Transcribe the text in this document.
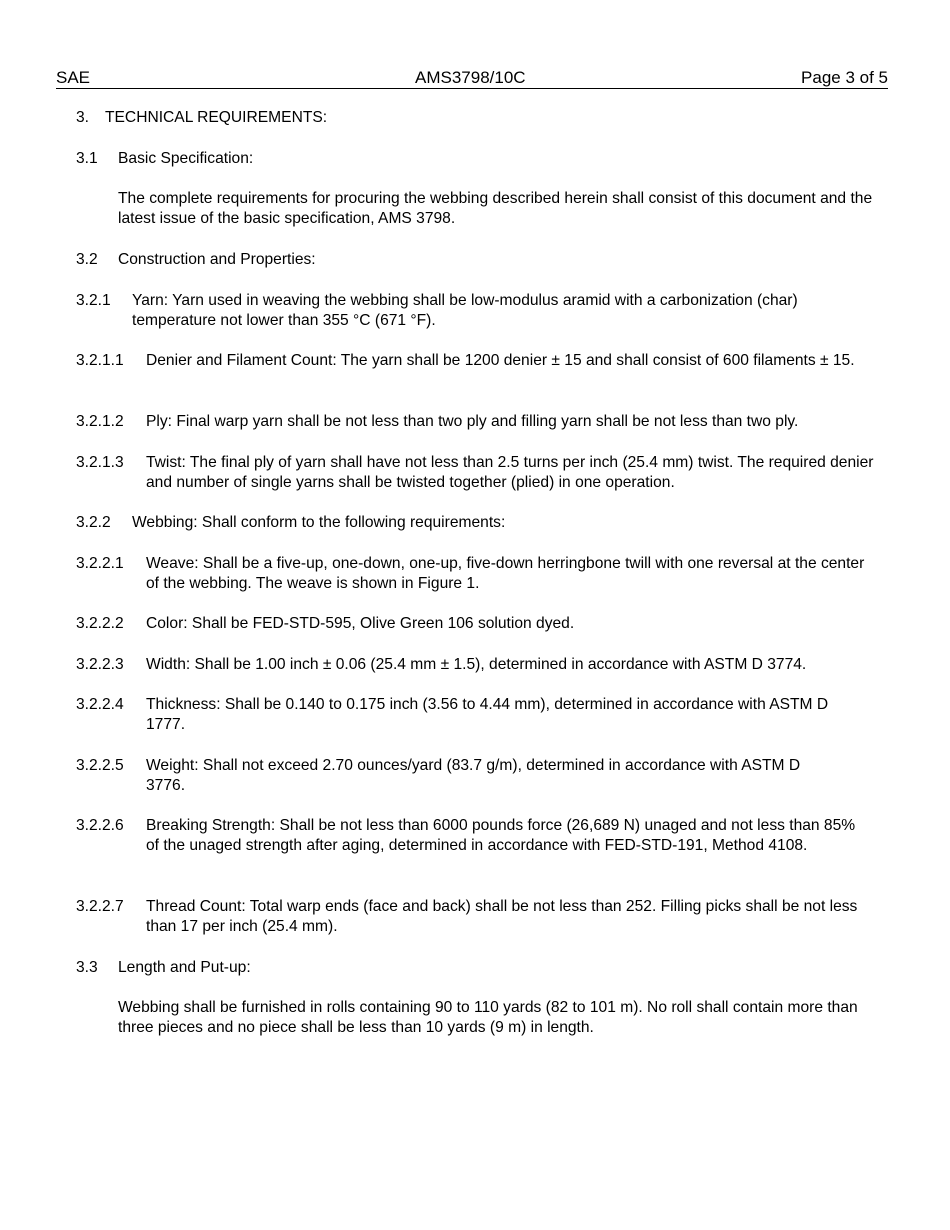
SAE	AMS3798/10C	Page 3 of 5
3.	TECHNICAL REQUIREMENTS:
3.1	Basic Specification:
The complete requirements for procuring the webbing described herein shall consist of this document and the latest issue of the basic specification, AMS 3798.
3.2	Construction and Properties:
3.2.1 Yarn: Yarn used in weaving the webbing shall be low-modulus aramid with a carbonization (char) temperature not lower than 355 °C (671 °F).
3.2.1.1 Denier and Filament Count: The yarn shall be 1200 denier ± 15 and shall consist of 600 filaments ± 15.
3.2.1.2 Ply: Final warp yarn shall be not less than two ply and filling yarn shall be not less than two ply.
3.2.1.3 Twist: The final ply of yarn shall have not less than 2.5 turns per inch (25.4 mm) twist. The required denier and number of single yarns shall be twisted together (plied) in one operation.
3.2.2 Webbing: Shall conform to the following requirements:
3.2.2.1 Weave: Shall be a five-up, one-down, one-up, five-down herringbone twill with one reversal at the center of the webbing. The weave is shown in Figure 1.
3.2.2.2 Color: Shall be FED-STD-595, Olive Green 106 solution dyed.
3.2.2.3 Width: Shall be 1.00 inch ± 0.06 (25.4 mm ± 1.5), determined in accordance with ASTM D 3774.
3.2.2.4 Thickness: Shall be 0.140 to 0.175 inch (3.56 to 4.44 mm), determined in accordance with ASTM D 1777.
3.2.2.5 Weight: Shall not exceed 2.70 ounces/yard (83.7 g/m), determined in accordance with ASTM D 3776.
3.2.2.6 Breaking Strength: Shall be not less than 6000 pounds force (26,689 N) unaged and not less than 85% of the unaged strength after aging, determined in accordance with FED-STD-191, Method 4108.
3.2.2.7 Thread Count: Total warp ends (face and back) shall be not less than 252. Filling picks shall be not less than 17 per inch (25.4 mm).
3.3	Length and Put-up:
Webbing shall be furnished in rolls containing 90 to 110 yards (82 to 101 m). No roll shall contain more than three pieces and no piece shall be less than 10 yards (9 m) in length.
